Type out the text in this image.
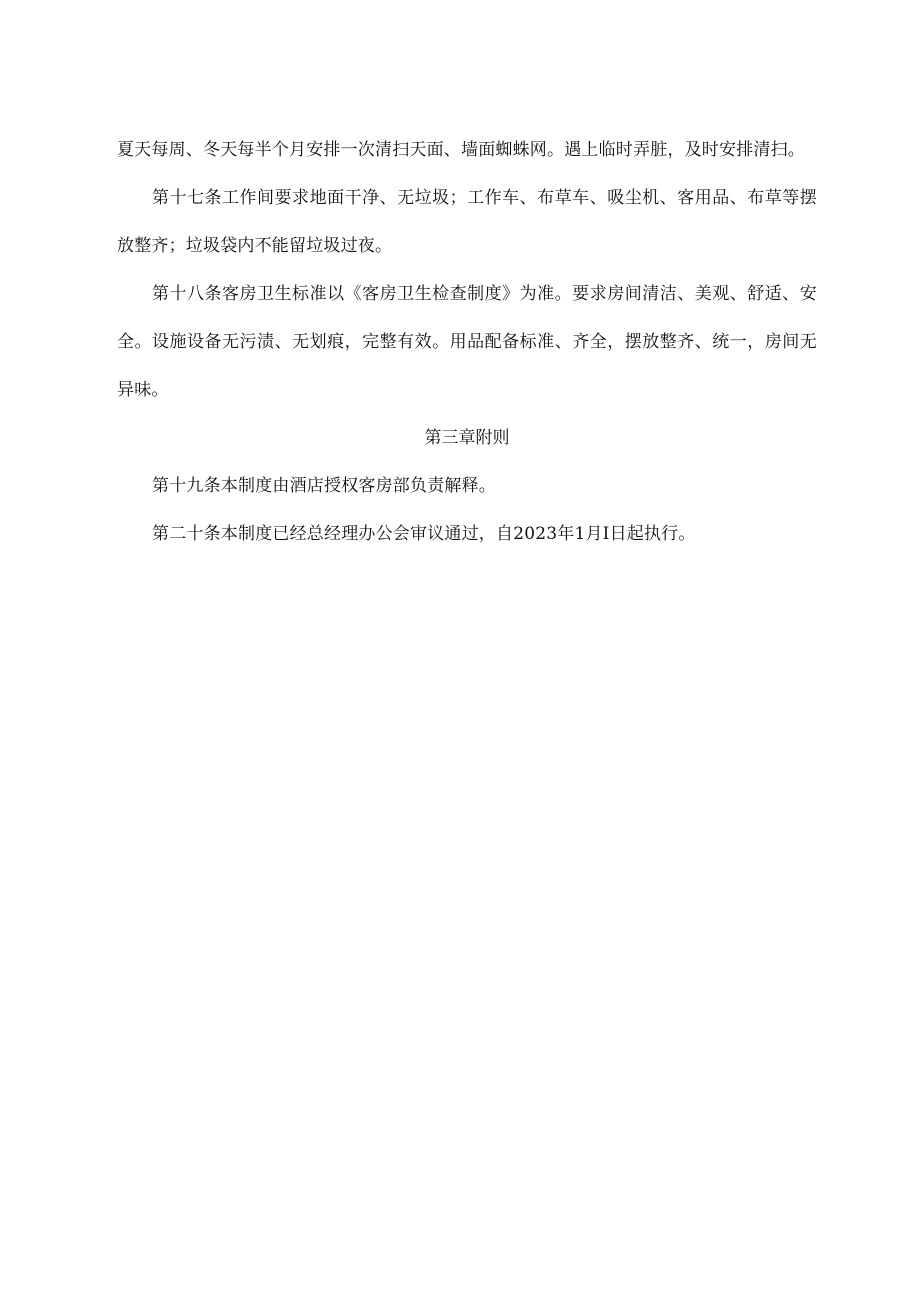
夏天每周、冬天每半个月安排一次清扫天面、墙面蜘蛛网。遇上临时弄脏，及时安排清扫。

第十七条工作间要求地面干净、无垃圾；工作车、布草车、吸尘机、客用品、布草等摆放整齐；垃圾袋内不能留垃圾过夜。

第十八条客房卫生标准以《客房卫生检查制度》为准。要求房间清洁、美观、舒适、安全。设施设备无污渍、无划痕，完整有效。用品配备标准、齐全，摆放整齐、统一，房间无异味。

第三章附则

第十九条本制度由酒店授权客房部负责解释。

第二十条本制度已经总经理办公会审议通过，自2023年1月I日起执行。
